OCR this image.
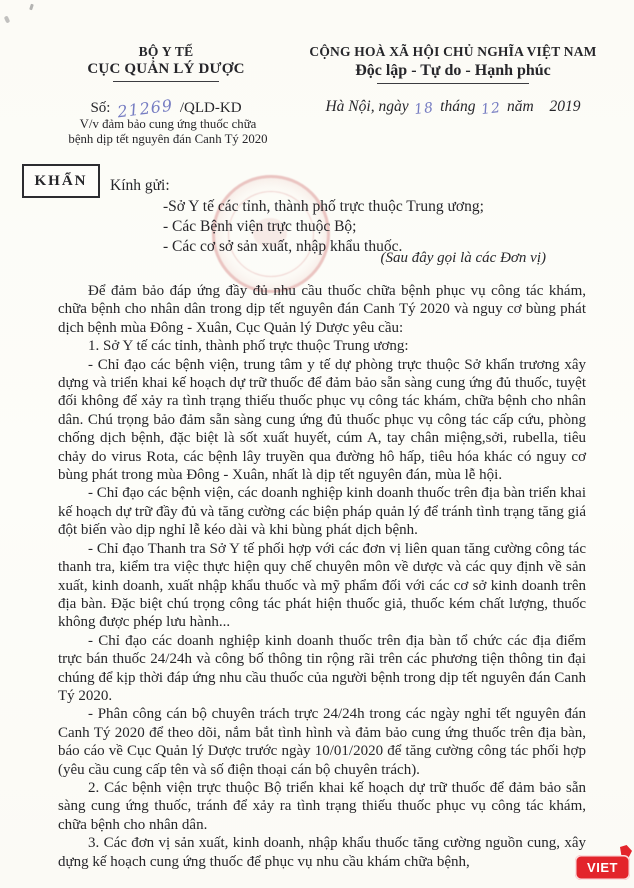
BỘ Y TẾ
CỤC QUẢN LÝ DƯỢC
CỘNG HOÀ XÃ HỘI CHỦ NGHĨA VIỆT NAM
Độc lập - Tự do - Hạnh phúc
Số: 21269 /QLD-KD
V/v đảm bảo cung ứng thuốc chữa bệnh dịp tết nguyên đán Canh Tý 2020
Hà Nội, ngày 18 tháng 12 năm 2019
KHẨN Kính gửi:
-Sở Y tế các tỉnh, thành phố trực thuộc Trung ương;
- Các Bệnh viện trực thuộc Bộ;
- Các cơ sở sản xuất, nhập khẩu thuốc.
(Sau đây gọi là các Đơn vị)

Để đảm bảo đáp ứng đầy đủ nhu cầu thuốc chữa bệnh phục vụ công tác khám, chữa bệnh cho nhân dân trong dịp tết nguyên đán Canh Tý 2020 và nguy cơ bùng phát dịch bệnh mùa Đông - Xuân, Cục Quản lý Dược yêu cầu:

1. Sở Y tế các tỉnh, thành phố trực thuộc Trung ương:

- Chỉ đạo các bệnh viện, trung tâm y tế dự phòng trực thuộc Sở khẩn trương xây dựng và triển khai kế hoạch dự trữ thuốc để đảm bảo sẵn sàng cung ứng đủ thuốc, tuyệt đối không để xảy ra tình trạng thiếu thuốc phục vụ công tác khám, chữa bệnh cho nhân dân. Chú trọng bảo đảm sẵn sàng cung ứng đủ thuốc phục vụ công tác cấp cứu, phòng chống dịch bệnh, đặc biệt là sốt xuất huyết, cúm A, tay chân miệng,sởi, rubella, tiêu chảy do virus Rota, các bệnh lây truyền qua đường hô hấp, tiêu hóa khác có nguy cơ bùng phát trong mùa Đông - Xuân, nhất là dịp tết nguyên đán, mùa lễ hội.

- Chỉ đạo các bệnh viện, các doanh nghiệp kinh doanh thuốc trên địa bàn triển khai kế hoạch dự trữ đầy đủ và tăng cường các biện pháp quản lý để tránh tình trạng tăng giá đột biến vào dịp nghỉ lễ kéo dài và khi bùng phát dịch bệnh.

- Chỉ đạo Thanh tra Sở Y tế phối hợp với các đơn vị liên quan tăng cường công tác thanh tra, kiểm tra việc thực hiện quy chế chuyên môn về dược và các quy định về sản xuất, kinh doanh, xuất nhập khẩu thuốc và mỹ phẩm đối với các cơ sở kinh doanh trên địa bàn. Đặc biệt chú trọng công tác phát hiện thuốc giả, thuốc kém chất lượng, thuốc không được phép lưu hành...

- Chỉ đạo các doanh nghiệp kinh doanh thuốc trên địa bàn tổ chức các địa điểm trực bán thuốc 24/24h và công bố thông tin rộng rãi trên các phương tiện thông tin đại chúng để kịp thời đáp ứng nhu cầu thuốc của người bệnh trong dịp tết nguyên đán Canh Tý 2020.

- Phân công cán bộ chuyên trách trực 24/24h trong các ngày nghỉ tết nguyên đán Canh Tý 2020 để theo dõi, nắm bắt tình hình và đảm bảo cung ứng thuốc trên địa bàn, báo cáo về Cục Quản lý Dược trước ngày 10/01/2020 để tăng cường công tác phối hợp (yêu cầu cung cấp tên và số điện thoại cán bộ chuyên trách).

2. Các bệnh viện trực thuộc Bộ triển khai kế hoạch dự trữ thuốc để đảm bảo sẵn sàng cung ứng thuốc, tránh để xảy ra tình trạng thiếu thuốc phục vụ công tác khám, chữa bệnh cho nhân dân.

3. Các đơn vị sản xuất, kinh doanh, nhập khẩu thuốc tăng cường nguồn cung, xây dựng kế hoạch cung ứng thuốc để phục vụ nhu cầu khám chữa bệnh,	VIET
